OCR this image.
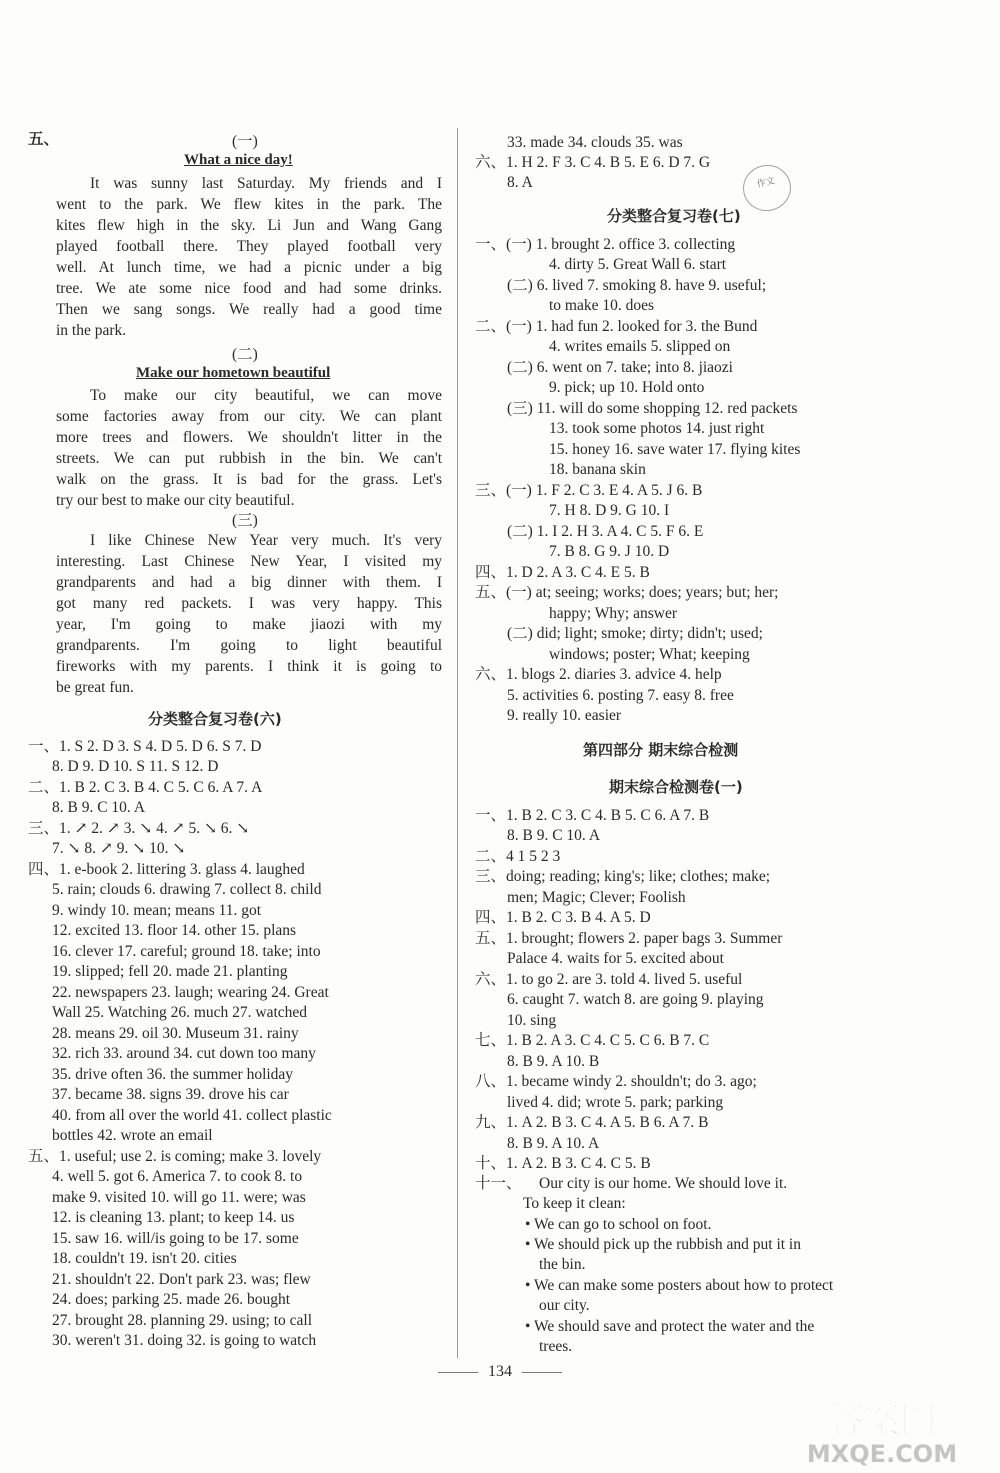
五、	(一)
What a nice day!
It was sunny last Saturday. My friends and I
went to the park. We flew kites in the park. The
kites flew high in the sky. Li Jun and Wang Gang
played football there. They played football very
well. At lunch time, we had a picnic under a big
tree. We ate some nice food and had some drinks.
Then we sang songs. We really had a good time
in the park.
(二)
Make our hometown beautiful
To make our city beautiful, we can move
some factories away from our city. We can plant
more trees and flowers. We shouldn't litter in the
streets. We can put rubbish in the bin. We can't
walk on the grass. It is bad for the grass. Let's
try our best to make our city beautiful.
(三)
I like Chinese New Year very much. It's very
interesting. Last Chinese New Year, I visited my
grandparents and had a big dinner with them. I
got many red packets. I was very happy. This
year, I'm going to make jiaozi with my
grandparents. I'm going to light beautiful
fireworks with my parents. I think it is going to
be great fun.
分类整合复习卷(六)
一、1. S 2. D 3. S 4. D 5. D 6. S 7. D
8. D 9. D 10. S 11. S 12. D
二、1. B 2. C 3. B 4. C 5. C 6. A 7. A
8. B 9. C 10. A
三、1. ↗ 2. ↗ 3. ↘ 4. ↗ 5. ↘ 6. ↘
7. ↘ 8. ↗ 9. ↘ 10. ↘
四、1. e-book 2. littering 3. glass 4. laughed
5. rain; clouds 6. drawing 7. collect 8. child
9. windy 10. mean; means 11. got
12. excited 13. floor 14. other 15. plans
16. clever 17. careful; ground 18. take; into
19. slipped; fell 20. made 21. planting
22. newspapers 23. laugh; wearing 24. Great
Wall 25. Watching 26. much 27. watched
28. means 29. oil 30. Museum 31. rainy
32. rich 33. around 34. cut down too many
35. drive often 36. the summer holiday
37. became 38. signs 39. drove his car
40. from all over the world 41. collect plastic
bottles 42. wrote an email
五、1. useful; use 2. is coming; make 3. lovely
4. well 5. got 6. America 7. to cook 8. to
make 9. visited 10. will go 11. were; was
12. is cleaning 13. plant; to keep 14. us
15. saw 16. will/is going to be 17. some
18. couldn't 19. isn't 20. cities
21. shouldn't 22. Don't park 23. was; flew
24. does; parking 25. made 26. bought
27. brought 28. planning 29. using; to call
30. weren't 31. doing 32. is going to watch
33. made 34. clouds 35. was
六、1. H 2. F 3. C 4. B 5. E 6. D 7. G
8. A
分类整合复习卷(七)
一、(一) 1. brought 2. office 3. collecting
4. dirty 5. Great Wall 6. start
(二) 6. lived 7. smoking 8. have 9. useful;
to make 10. does
二、(一) 1. had fun 2. looked for 3. the Bund
4. writes emails 5. slipped on
(二) 6. went on 7. take; into 8. jiaozi
9. pick; up 10. Hold onto
(三) 11. will do some shopping 12. red packets
13. took some photos 14. just right
15. honey 16. save water 17. flying kites
18. banana skin
三、(一) 1. F 2. C 3. E 4. A 5. J 6. B
7. H 8. D 9. G 10. I
(二) 1. I 2. H 3. A 4. C 5. F 6. E
7. B 8. G 9. J 10. D
四、1. D 2. A 3. C 4. E 5. B
五、(一) at; seeing; works; does; years; but; her;
happy; Why; answer
(二) did; light; smoke; dirty; didn't; used;
windows; poster; What; keeping
六、1. blogs 2. diaries 3. advice 4. help
5. activities 6. posting 7. easy 8. free
9. really 10. easier
第四部分 期末综合检测
期末综合检测卷(一)
一、1. B 2. C 3. C 4. B 5. C 6. A 7. B
8. B 9. C 10. A
二、4 1 5 2 3
三、doing; reading; king's; like; clothes; make;
men; Magic; Clever; Foolish
四、1. B 2. C 3. B 4. A 5. D
五、1. brought; flowers 2. paper bags 3. Summer
Palace 4. waits for 5. excited about
六、1. to go 2. are 3. told 4. lived 5. useful
6. caught 7. watch 8. are going 9. playing
10. sing
七、1. B 2. A 3. C 4. C 5. C 6. B 7. C
8. B 9. A 10. B
八、1. became windy 2. shouldn't; do 3. ago;
lived 4. did; wrote 5. park; parking
九、1. A 2. B 3. C 4. A 5. B 6. A 7. B
8. B 9. A 10. A
十、1. A 2. B 3. C 4. C 5. B
十一、 Our city is our home. We should love it.
To keep it clean:
• We can go to school on foot.
• We should pick up the rubbish and put it in
the bin.
• We can make some posters about how to protect
our city.
• We should save and protect the water and the
trees.
作文
134
答案圈
MXQE.COM
